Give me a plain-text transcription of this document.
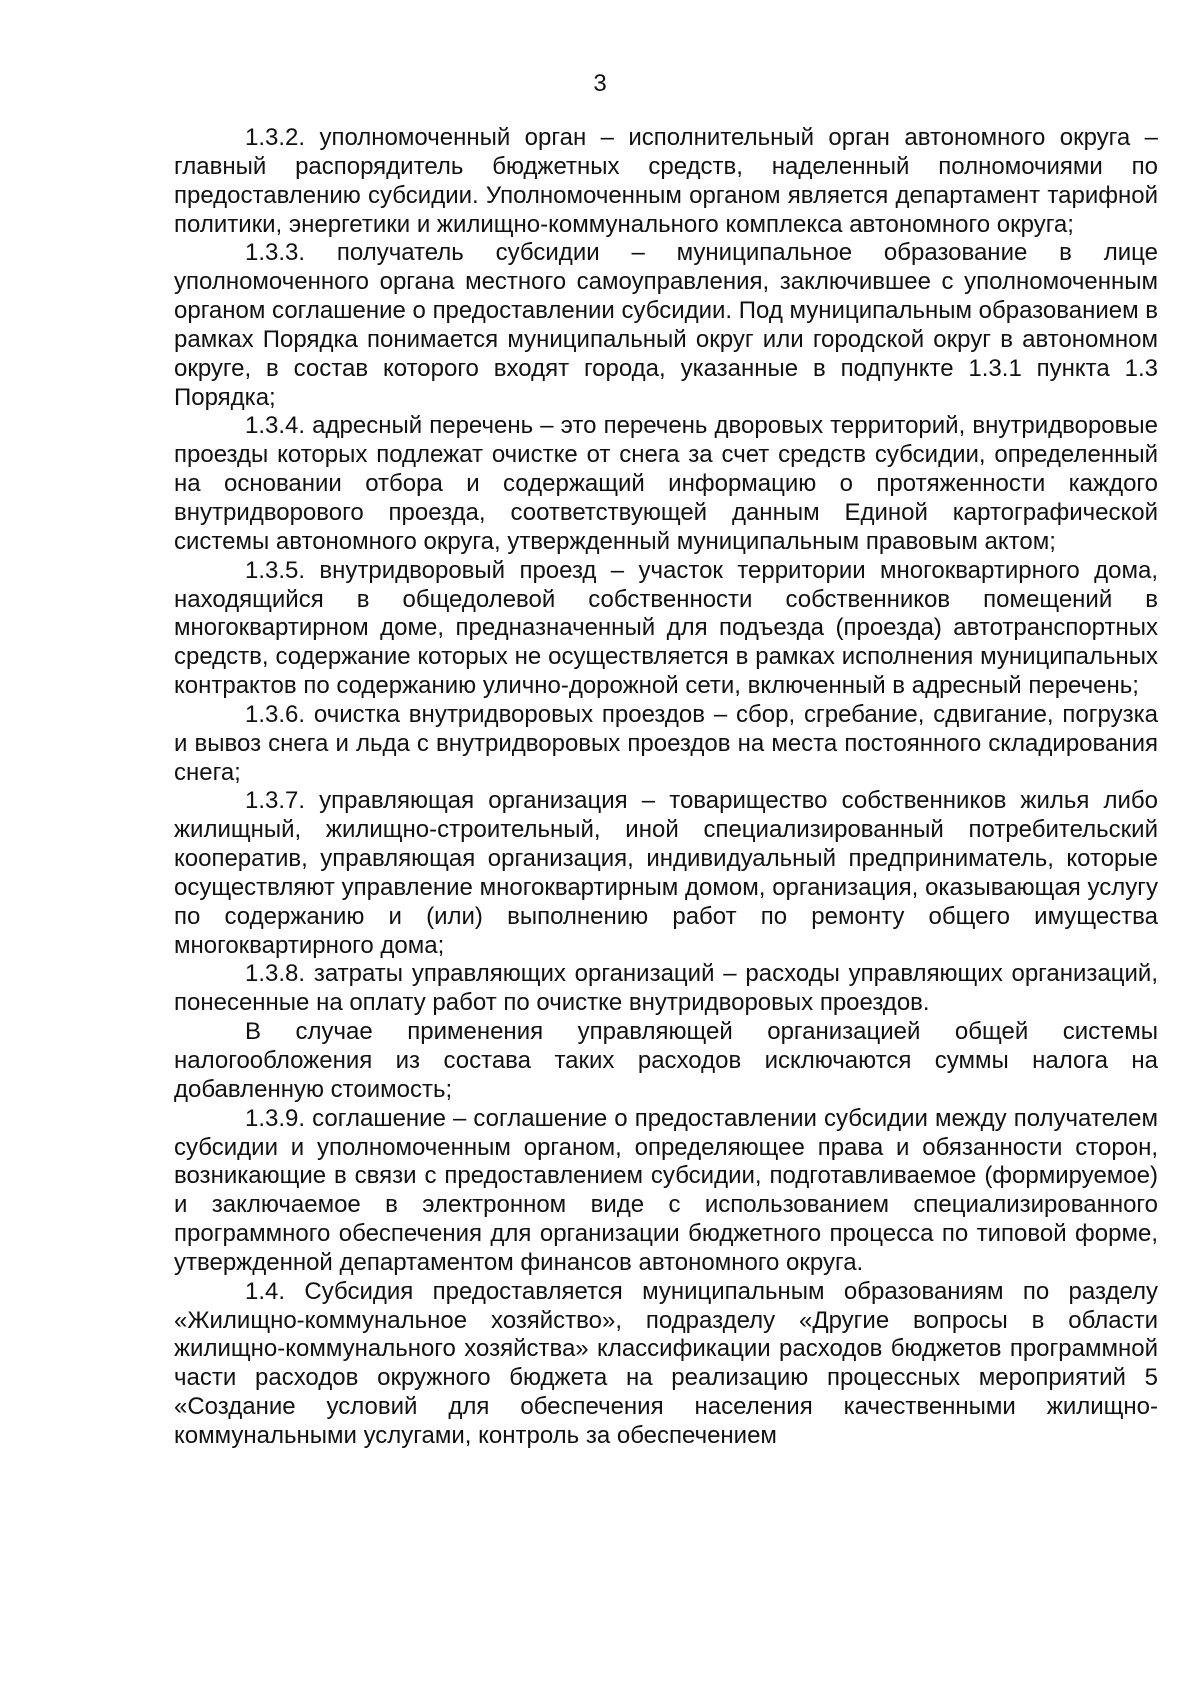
3

1.3.2. уполномоченный орган – исполнительный орган автономного округа – главный распорядитель бюджетных средств, наделенный полномочиями по предоставлению субсидии. Уполномоченным органом является департамент тарифной политики, энергетики и жилищно-коммунального комплекса автономного округа;

1.3.3. получатель субсидии – муниципальное образование в лице уполномоченного органа местного самоуправления, заключившее с уполномоченным органом соглашение о предоставлении субсидии. Под муниципальным образованием в рамках Порядка понимается муниципальный округ или городской округ в автономном округе, в состав которого входят города, указанные в подпункте 1.3.1 пункта 1.3 Порядка;

1.3.4. адресный перечень – это перечень дворовых территорий, внутридворовые проезды которых подлежат очистке от снега за счет средств субсидии, определенный на основании отбора и содержащий информацию о протяженности каждого внутридворового проезда, соответствующей данным Единой картографической системы автономного округа, утвержденный муниципальным правовым актом;

1.3.5. внутридворовый проезд – участок территории многоквартирного дома, находящийся в общедолевой собственности собственников помещений в многоквартирном доме, предназначенный для подъезда (проезда) автотранспортных средств, содержание которых не осуществляется в рамках исполнения муниципальных контрактов по содержанию улично-дорожной сети, включенный в адресный перечень;

1.3.6. очистка внутридворовых проездов – сбор, сгребание, сдвигание, погрузка и вывоз снега и льда с внутридворовых проездов на места постоянного складирования снега;

1.3.7. управляющая организация – товарищество собственников жилья либо жилищный, жилищно-строительный, иной специализированный потребительский кооператив, управляющая организация, индивидуальный предприниматель, которые осуществляют управление многоквартирным домом, организация, оказывающая услугу по содержанию и (или) выполнению работ по ремонту общего имущества многоквартирного дома;

1.3.8. затраты управляющих организаций – расходы управляющих организаций, понесенные на оплату работ по очистке внутридворовых проездов.

В случае применения управляющей организацией общей системы налогообложения из состава таких расходов исключаются суммы налога на добавленную стоимость;

1.3.9. соглашение – соглашение о предоставлении субсидии между получателем субсидии и уполномоченным органом, определяющее права и обязанности сторон, возникающие в связи с предоставлением субсидии, подготавливаемое (формируемое) и заключаемое в электронном виде с использованием специализированного программного обеспечения для организации бюджетного процесса по типовой форме, утвержденной департаментом финансов автономного округа.

1.4. Субсидия предоставляется муниципальным образованиям по разделу «Жилищно-коммунальное хозяйство», подразделу «Другие вопросы в области жилищно-коммунального хозяйства» классификации расходов бюджетов программной части расходов окружного бюджета на реализацию процессных мероприятий 5 «Создание условий для обеспечения населения качественными жилищно-коммунальными услугами, контроль за обеспечением
